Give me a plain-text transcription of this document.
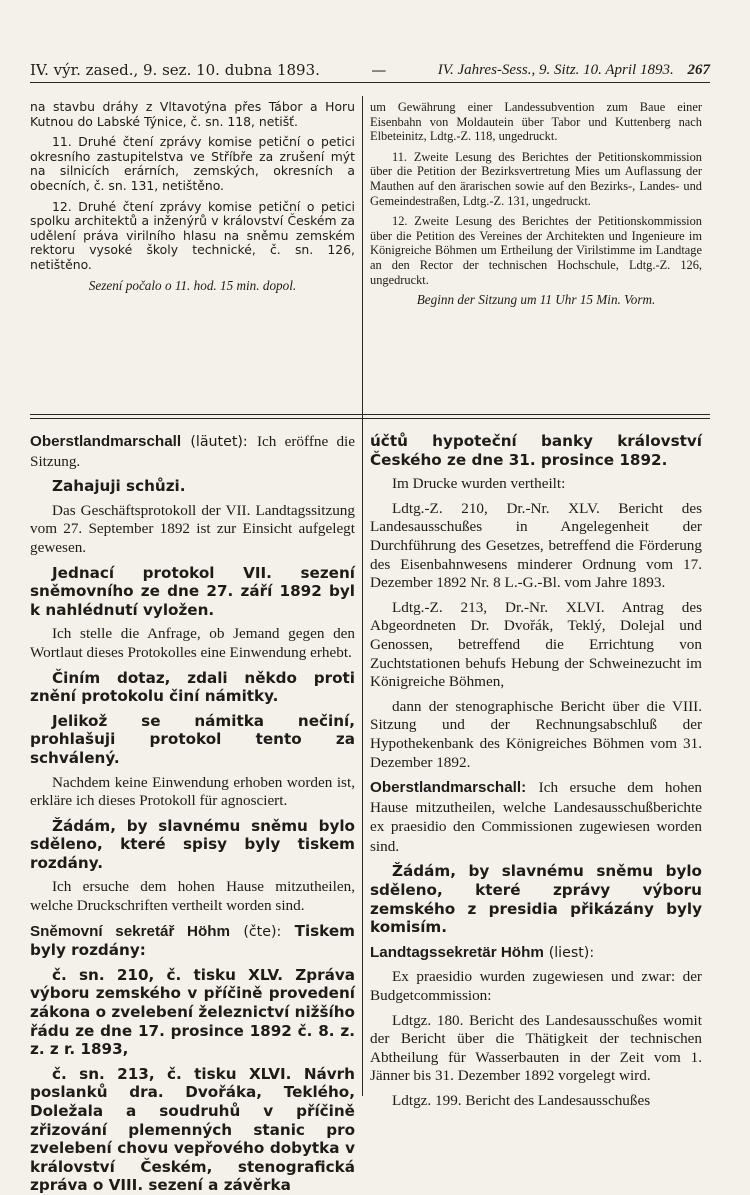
IV. výr. zased., 9. sez. 10. dubna 1893.	—	IV. Jahres-Sess., 9. Sitz. 10. April 1893. 267

na stavbu dráhy z Vltavotýna přes Tábor a Horu Kutnou do Labské Týnice, č. sn. 118, netišť.

11. Druhé čtení zprávy komise petiční o petici okresního zastupitelstva ve Stříbře za zrušení mýt na silnicích erárních, zemských, okresních a obecních, č. sn. 131, netištěno.

12. Druhé čtení zprávy komise petiční o petici spolku architektů a inženýrů v království Českém za udělení práva virilního hlasu na sněmu zemském rektoru vysoké školy technické, č. sn. 126, netištěno.

Sezení počalo o 11. hod. 15 min. dopol.

um Gewährung einer Landessubvention zum Baue einer Eisenbahn von Moldautein über Tabor und Kuttenberg nach Elbeteinitz, Ldtg.-Z. 118, ungedruckt.

11. Zweite Lesung des Berichtes der Petitionskommission über die Petition der Bezirksvertretung Mies um Auflassung der Mauthen auf den ärarischen sowie auf den Bezirks-, Landes- und Gemeindestraßen, Ldtg.-Z. 131, ungedruckt.

12. Zweite Lesung des Berichtes der Petitionskommission über die Petition des Vereines der Architekten und Ingenieure im Königreiche Böhmen um Ertheilung der Virilstimme im Landtage an den Rector der technischen Hochschule, Ldtg.-Z. 126, ungedruckt.

Beginn der Sitzung um 11 Uhr 15 Min. Vorm.

Oberstlandmarschall (läutet): Ich eröffne die Sitzung.

Zahajuji schůzi.

Das Geschäftsprotokoll der VII. Landtagssitzung vom 27. September 1892 ist zur Einsicht aufgelegt gewesen.

Jednací protokol VII. sezení sněmovního ze dne 27. září 1892 byl k nahlédnutí vyložen.

Ich stelle die Anfrage, ob Jemand gegen den Wortlaut dieses Protokolles eine Einwendung erhebt.

Činím dotaz, zdali někdo proti znění protokolu činí námitky.

Jelikož se námitka nečiní, prohlašuji protokol tento za schválený.

Nachdem keine Einwendung erhoben worden ist, erkläre ich dieses Protokoll für agnosciert.

Žádám, by slavnému sněmu bylo sděleno, které spisy byly tiskem rozdány.

Ich ersuche dem hohen Hause mitzutheilen, welche Druckschriften vertheilt worden sind.

Sněmovní sekretář Höhm (čte): Tiskem byly rozdány:

č. sn. 210, č. tisku XLV. Zpráva výboru zemského v příčině provedení zákona o zvelebení železnictví nižšího řádu ze dne 17. prosince 1892 č. 8. z. z. z r. 1893,

č. sn. 213, č. tisku XLVI. Návrh poslanků dra. Dvořáka, Teklého, Doležala a soudruhů v příčině zřizování plemenných stanic pro zvelebení chovu vepřového dobytka v království Českém, stenografická zpráva o VIII. sezení a závěrka

účtů hypoteční banky království Českého ze dne 31. prosince 1892.

Im Drucke wurden vertheilt:

Ldtg.-Z. 210, Dr.-Nr. XLV. Bericht des Landesausschußes in Angelegenheit der Durchführung des Gesetzes, betreffend die Förderung des Eisenbahnwesens minderer Ordnung vom 17. Dezember 1892 Nr. 8 L.-G.-Bl. vom Jahre 1893.

Ldtg.-Z. 213, Dr.-Nr. XLVI. Antrag des Abgeordneten Dr. Dvořák, Teklý, Dolejal und Genossen, betreffend die Errichtung von Zuchtstationen behufs Hebung der Schweinezucht im Königreiche Böhmen,

dann der stenographische Bericht über die VIII. Sitzung und der Rechnungsabschluß der Hypothekenbank des Königreiches Böhmen vom 31. Dezember 1892.

Oberstlandmarschall: Ich ersuche dem hohen Hause mitzutheilen, welche Landesausschußberichte ex praesidio den Commissionen zugewiesen worden sind.

Žádám, by slavnému sněmu bylo sděleno, které zprávy výboru zemského z presidia přikázány byly komisím.

Landtagssekretär Höhm (liest):

Ex praesidio wurden zugewiesen und zwar: der Budgetcommission:

Ldtgz. 180. Bericht des Landesausschußes womit der Bericht über die Thätigkeit der technischen Abtheilung für Wasserbauten in der Zeit vom 1. Jänner bis 31. Dezember 1892 vorgelegt wird.

Ldtgz. 199. Bericht des Landesausschußes
